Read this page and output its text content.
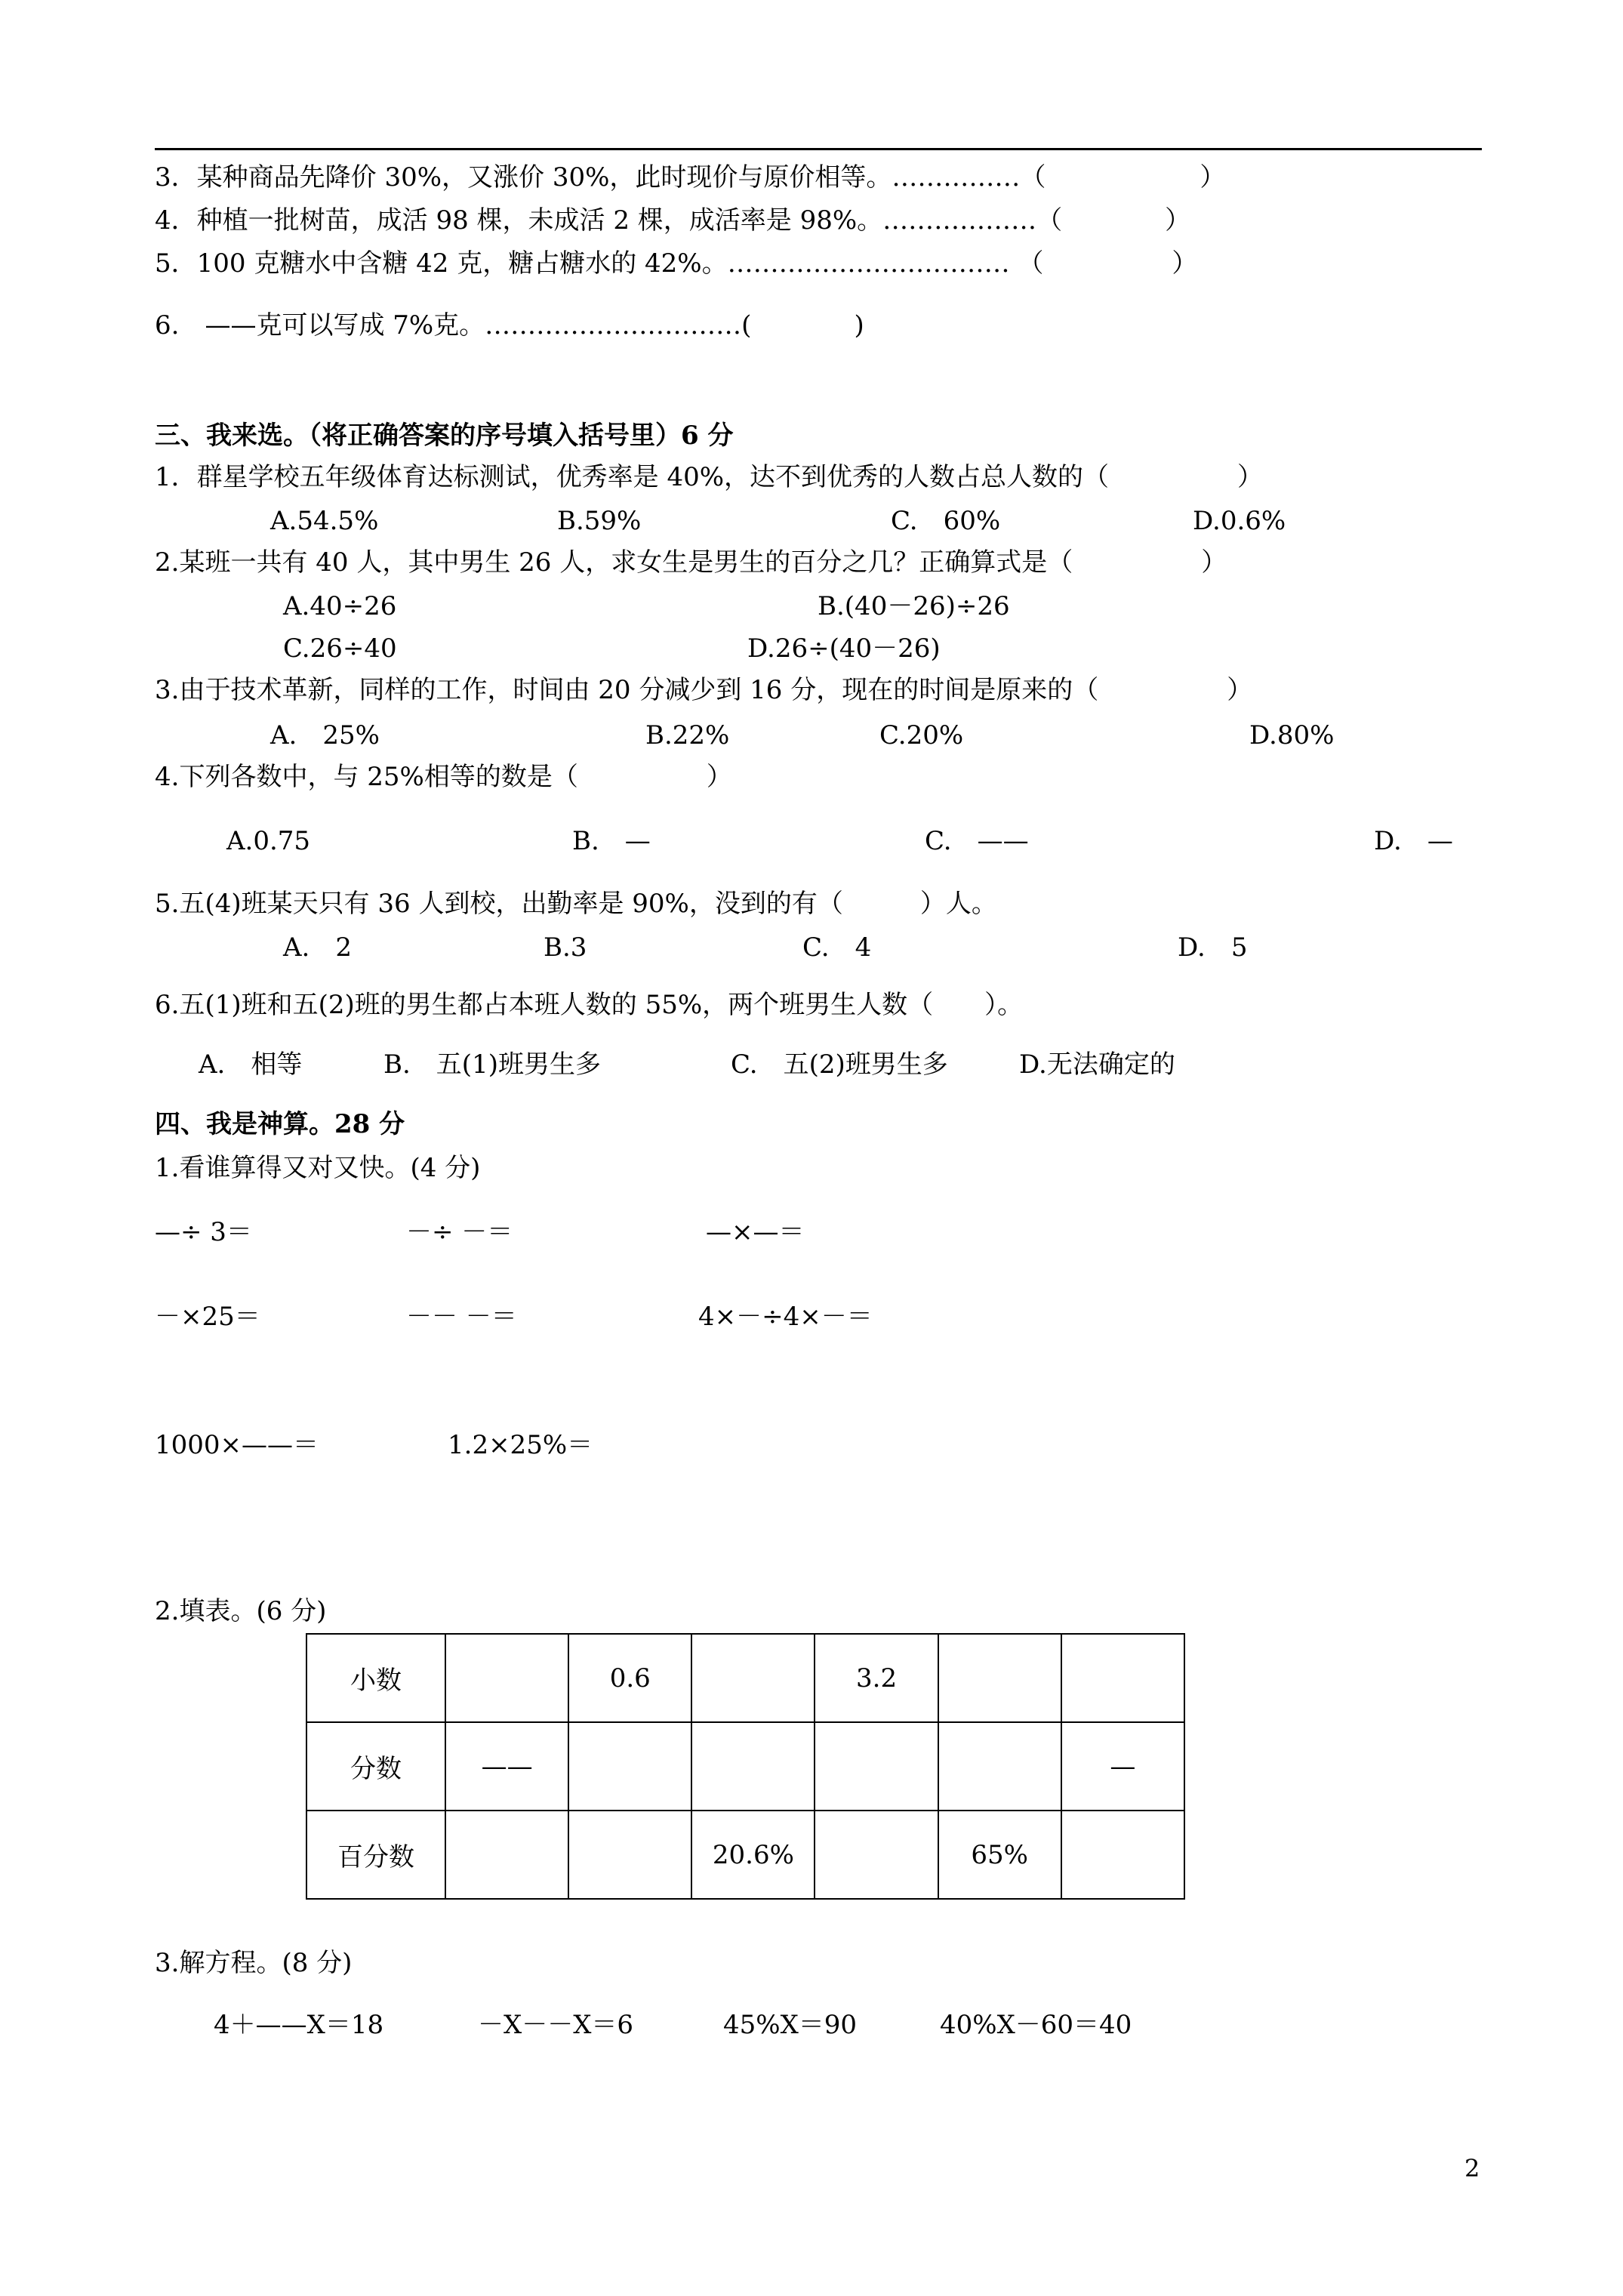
3．某种商品先降价 30%，又涨价 30%，此时现价与原价相等。……………（　　　　　　）
4．种植一批树苗，成活 98 棵，未成活 2 棵，成活率是 98%。………………（　　　　）
5．100 克糖水中含糖 42 克，糖占糖水的 42%。…………………………… （　　　　　）
6.　——克可以写成 7%克。…………………………(　　　　)
三、我来选。（将正确答案的序号填入括号里）6 分
1．群星学校五年级体育达标测试，优秀率是 40%，达不到优秀的人数占总人数的（　　　　　）
A.54.5%	B.59%	C.　60%	D.0.6%
2.某班一共有 40 人，其中男生 26 人，求女生是男生的百分之几？正确算式是（　　　　　）
A.40÷26	B.(40－26)÷26
C.26÷40	D.26÷(40－26)
3.由于技术革新，同样的工作，时间由 20 分减少到 16 分，现在的时间是原来的（　　　　　）
A.　25%	B.22%	C.20%	D.80%
4.下列各数中，与 25%相等的数是（　　　　　）
A.0.75	B.　—	C.　——	D.　—
5.五(4)班某天只有 36 人到校，出勤率是 90%，没到的有（　　　）人。
A.　2	B.3	C.　4	D.　5
6.五(1)班和五(2)班的男生都占本班人数的 55%，两个班男生人数（　　）。
A.　相等	B.　五(1)班男生多	C.　五(2)班男生多	D.无法确定的
四、我是神算。28 分
1.看谁算得又对又快。(4 分)
—÷ 3＝	－÷ －＝	—×—＝
－×25＝	－－ －＝	4×－÷4×－＝
1000×——＝	1.2×25%＝
2.填表。(6 分)
小数		0.6		3.2		
分数	——					—
百分数			20.6%		65%	
3.解方程。(8 分)
4＋——X＝18	－X－－X＝6	45%X＝90	40%X－60＝40
2
